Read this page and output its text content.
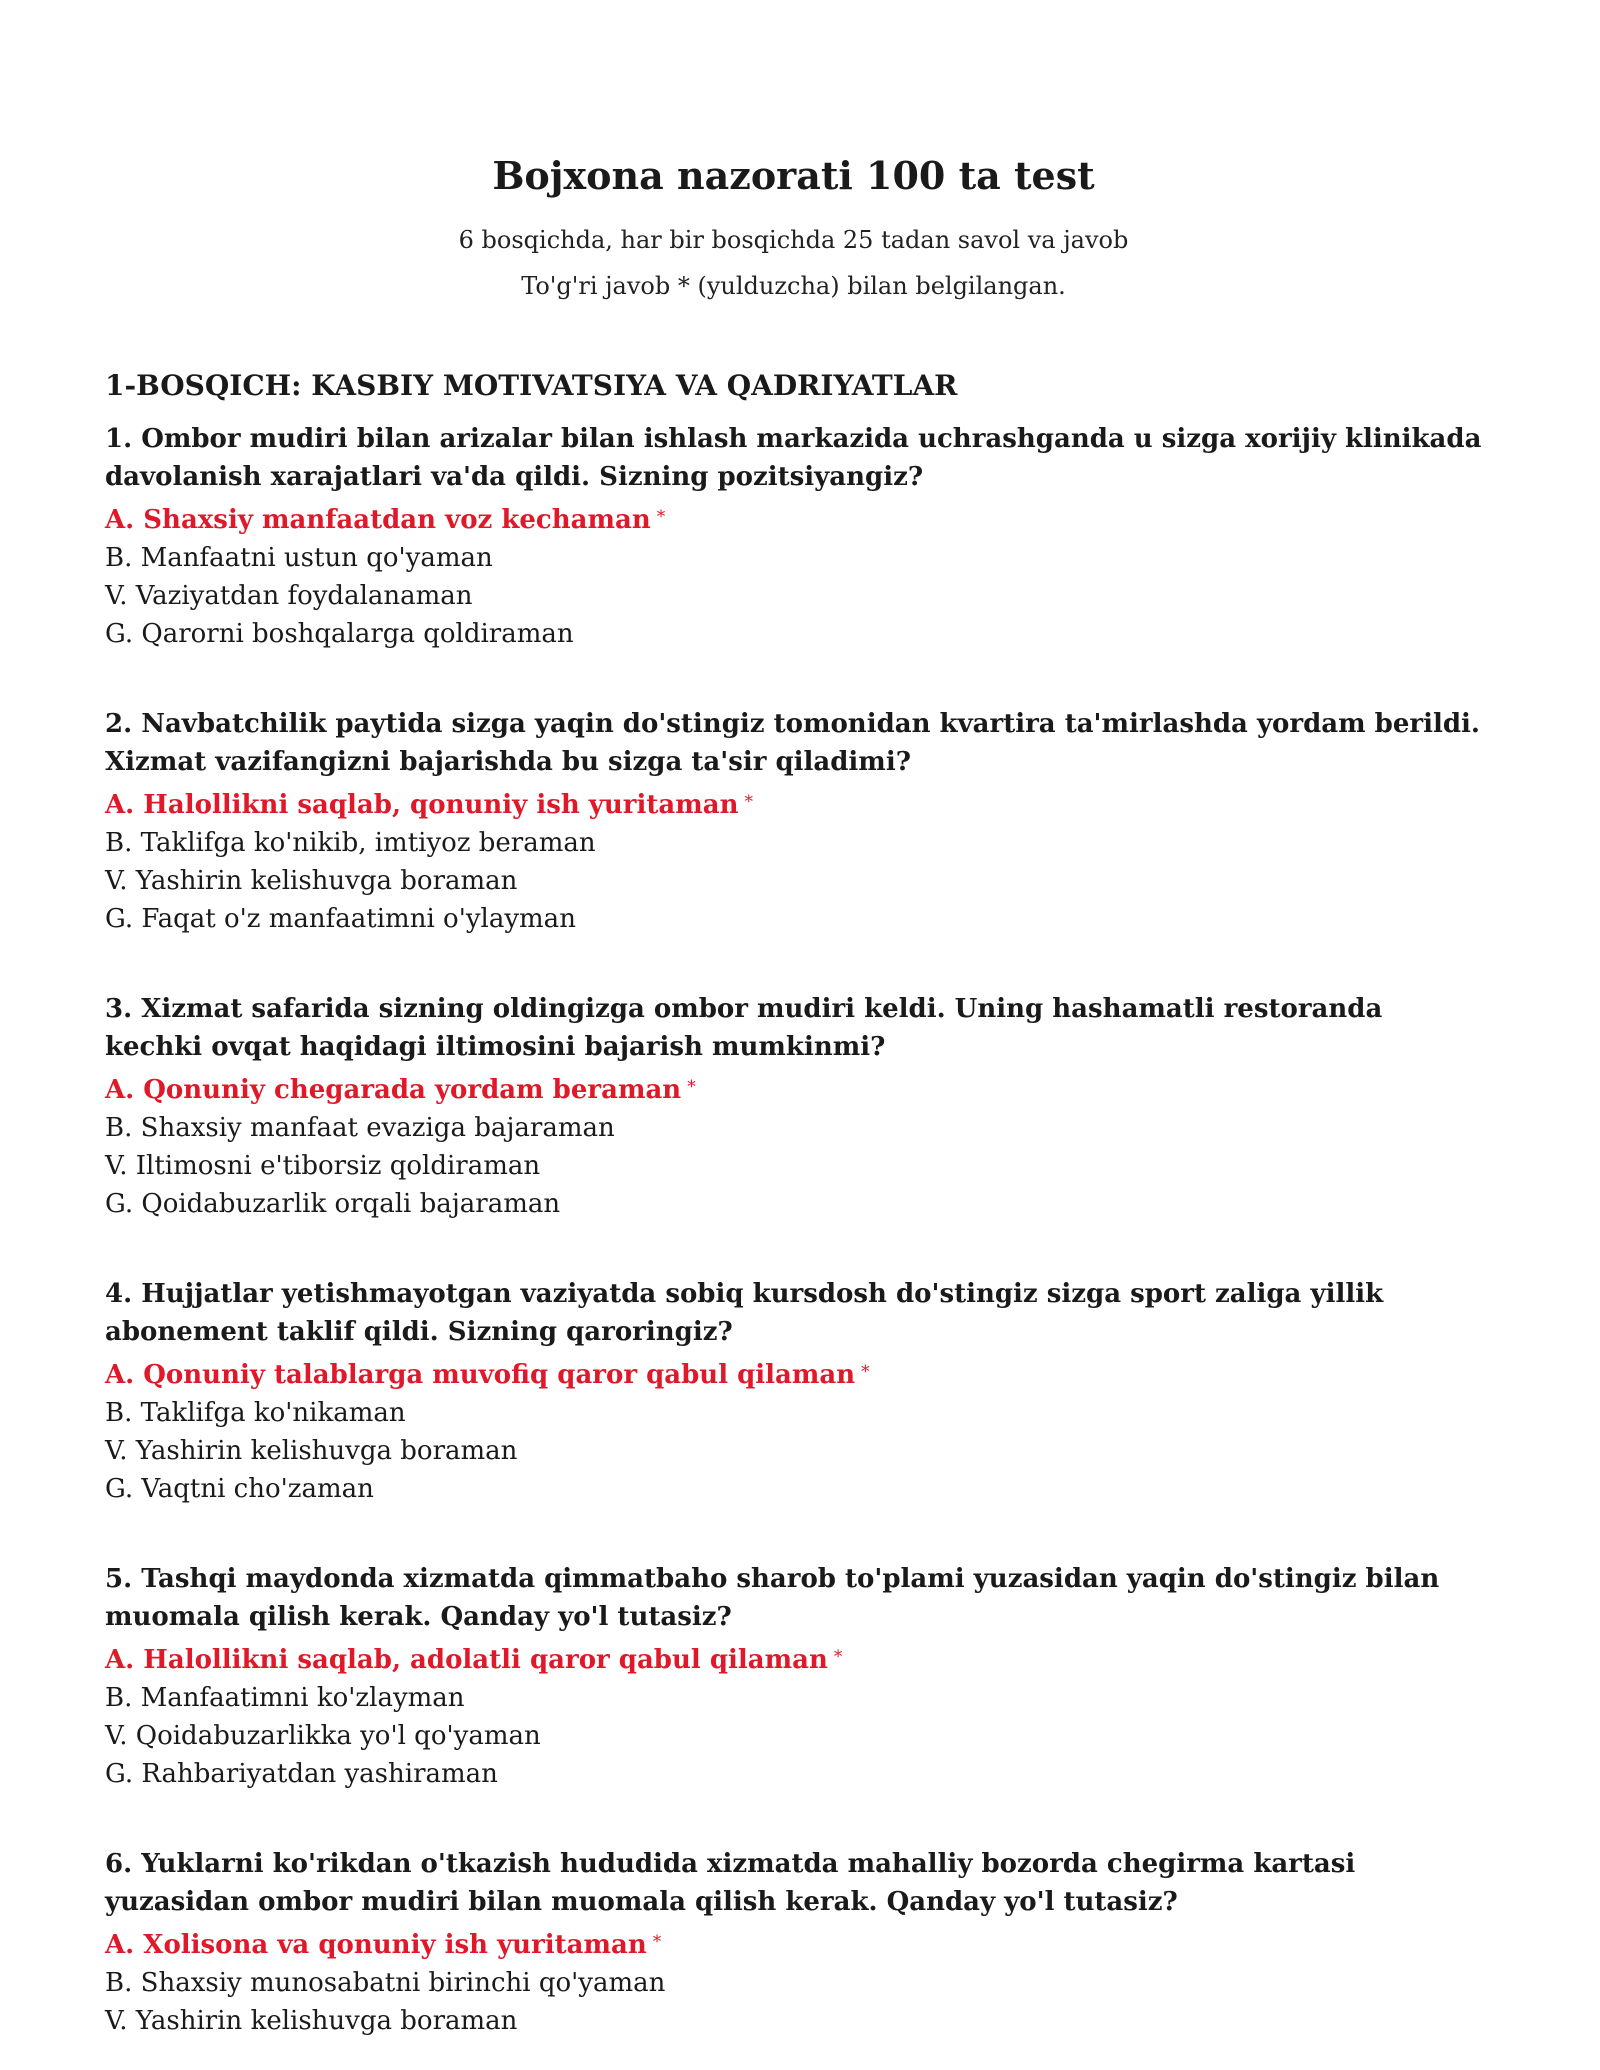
Bojxona nazorati 100 ta test

6 bosqichda, har bir bosqichda 25 tadan savol va javob

To'g'ri javob * (yulduzcha) bilan belgilangan.

1-BOSQICH: KASBIY MOTIVATSIYA VA QADRIYATLAR

1. Ombor mudiri bilan arizalar bilan ishlash markazida uchrashganda u sizga xorijiy klinikada davolanish xarajatlari va'da qildi. Sizning pozitsiyangiz?

A. Shaxsiy manfaatdan voz kechaman *

B. Manfaatni ustun qo'yaman

V. Vaziyatdan foydalanaman

G. Qarorni boshqalarga qoldiraman

2. Navbatchilik paytida sizga yaqin do'stingiz tomonidan kvartira ta'mirlashda yordam berildi. Xizmat vazifangizni bajarishda bu sizga ta'sir qiladimi?

A. Halollikni saqlab, qonuniy ish yuritaman *

B. Taklifga ko'nikib, imtiyoz beraman

V. Yashirin kelishuvga boraman

G. Faqat o'z manfaatimni o'ylayman

3. Xizmat safarida sizning oldingizga ombor mudiri keldi. Uning hashamatli restoranda kechki ovqat haqidagi iltimosini bajarish mumkinmi?

A. Qonuniy chegarada yordam beraman *

B. Shaxsiy manfaat evaziga bajaraman

V. Iltimosni e'tiborsiz qoldiraman

G. Qoidabuzarlik orqali bajaraman

4. Hujjatlar yetishmayotgan vaziyatda sobiq kursdosh do'stingiz sizga sport zaliga yillik abonement taklif qildi. Sizning qaroringiz?

A. Qonuniy talablarga muvofiq qaror qabul qilaman *

B. Taklifga ko'nikaman

V. Yashirin kelishuvga boraman

G. Vaqtni cho'zaman

5. Tashqi maydonda xizmatda qimmatbaho sharob to'plami yuzasidan yaqin do'stingiz bilan muomala qilish kerak. Qanday yo'l tutasiz?

A. Halollikni saqlab, adolatli qaror qabul qilaman *

B. Manfaatimni ko'zlayman

V. Qoidabuzarlikka yo'l qo'yaman

G. Rahbariyatdan yashiraman

6. Yuklarni ko'rikdan o'tkazish hududida xizmatda mahalliy bozorda chegirma kartasi yuzasidan ombor mudiri bilan muomala qilish kerak. Qanday yo'l tutasiz?

A. Xolisona va qonuniy ish yuritaman *

B. Shaxsiy munosabatni birinchi qo'yaman

V. Yashirin kelishuvga boraman
